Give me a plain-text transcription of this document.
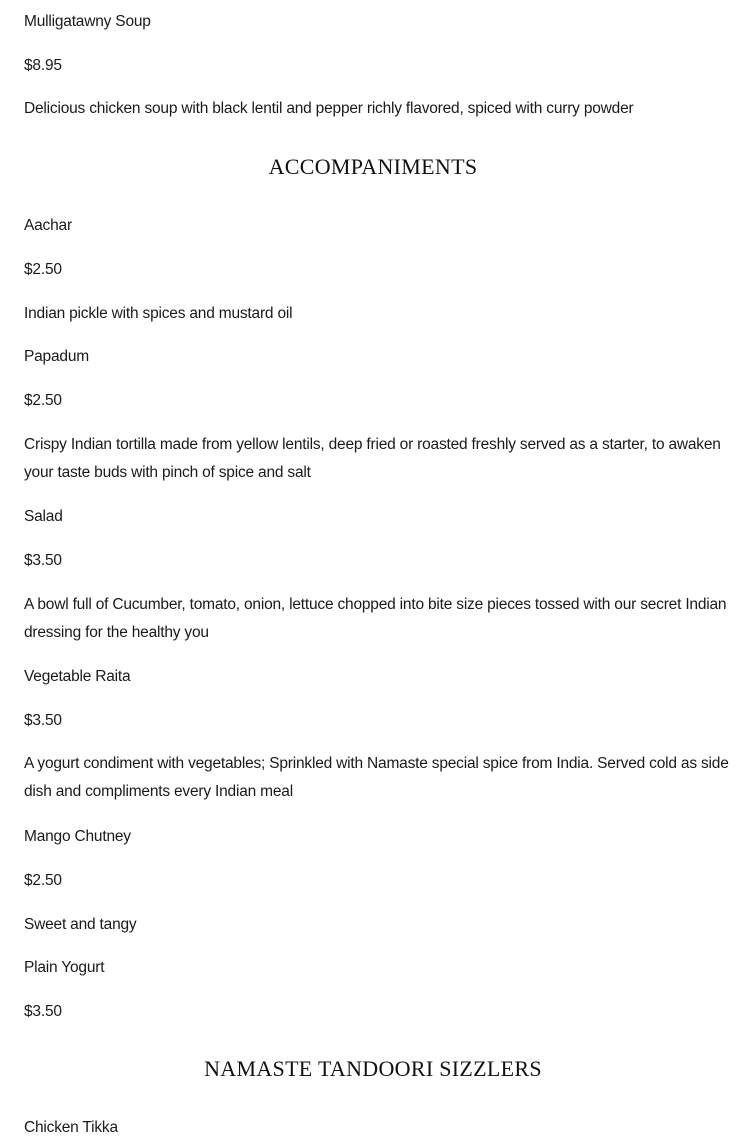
Mulligatawny Soup

$8.95

Delicious chicken soup with black lentil and pepper richly flavored, spiced with curry powder

ACCOMPANIMENTS

Aachar

$2.50

Indian pickle with spices and mustard oil

Papadum

$2.50

Crispy Indian tortilla made from yellow lentils, deep fried or roasted freshly served as a starter, to awaken your taste buds with pinch of spice and salt

Salad

$3.50

A bowl full of Cucumber, tomato, onion, lettuce chopped into bite size pieces tossed with our secret Indian dressing for the healthy you

Vegetable Raita

$3.50

A yogurt condiment with vegetables; Sprinkled with Namaste special spice from India. Served cold as side dish and compliments every Indian meal

Mango Chutney

$2.50

Sweet and tangy

Plain Yogurt

$3.50

NAMASTE TANDOORI SIZZLERS

Chicken Tikka
